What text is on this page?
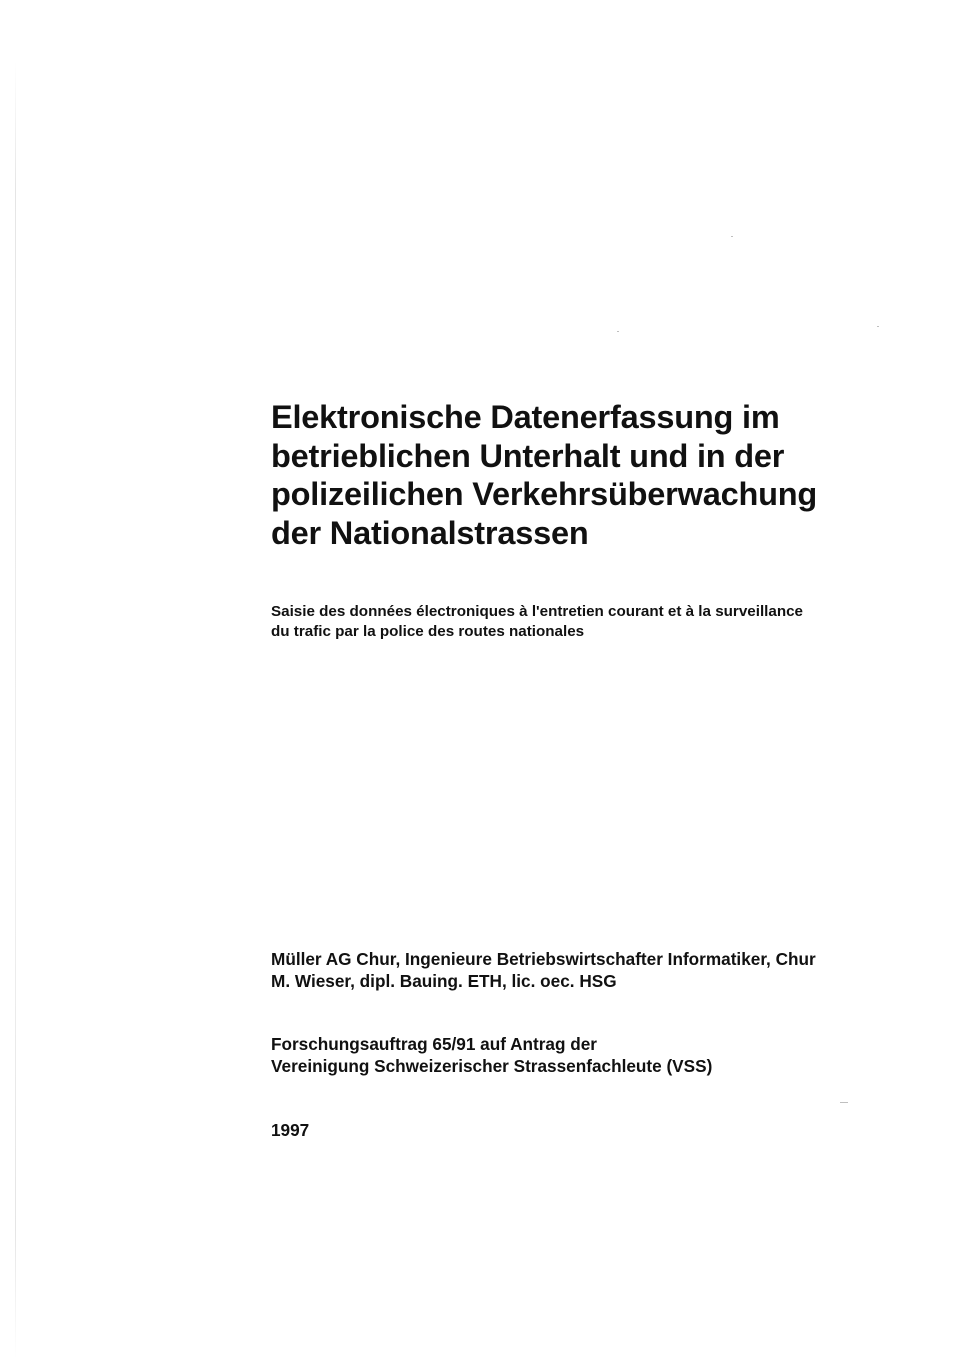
Elektronische Datenerfassung im
betrieblichen Unterhalt und in der
polizeilichen Verkehrsüberwachung
der Nationalstrassen

Saisie des données électroniques à l'entretien courant et à la surveillance
du trafic par la police des routes nationales

Müller AG Chur, Ingenieure Betriebswirtschafter Informatiker, Chur
M. Wieser, dipl. Bauing. ETH, lic. oec. HSG
Forschungsauftrag 65/91 auf Antrag der
Vereinigung Schweizerischer Strassenfachleute (VSS)
1997
